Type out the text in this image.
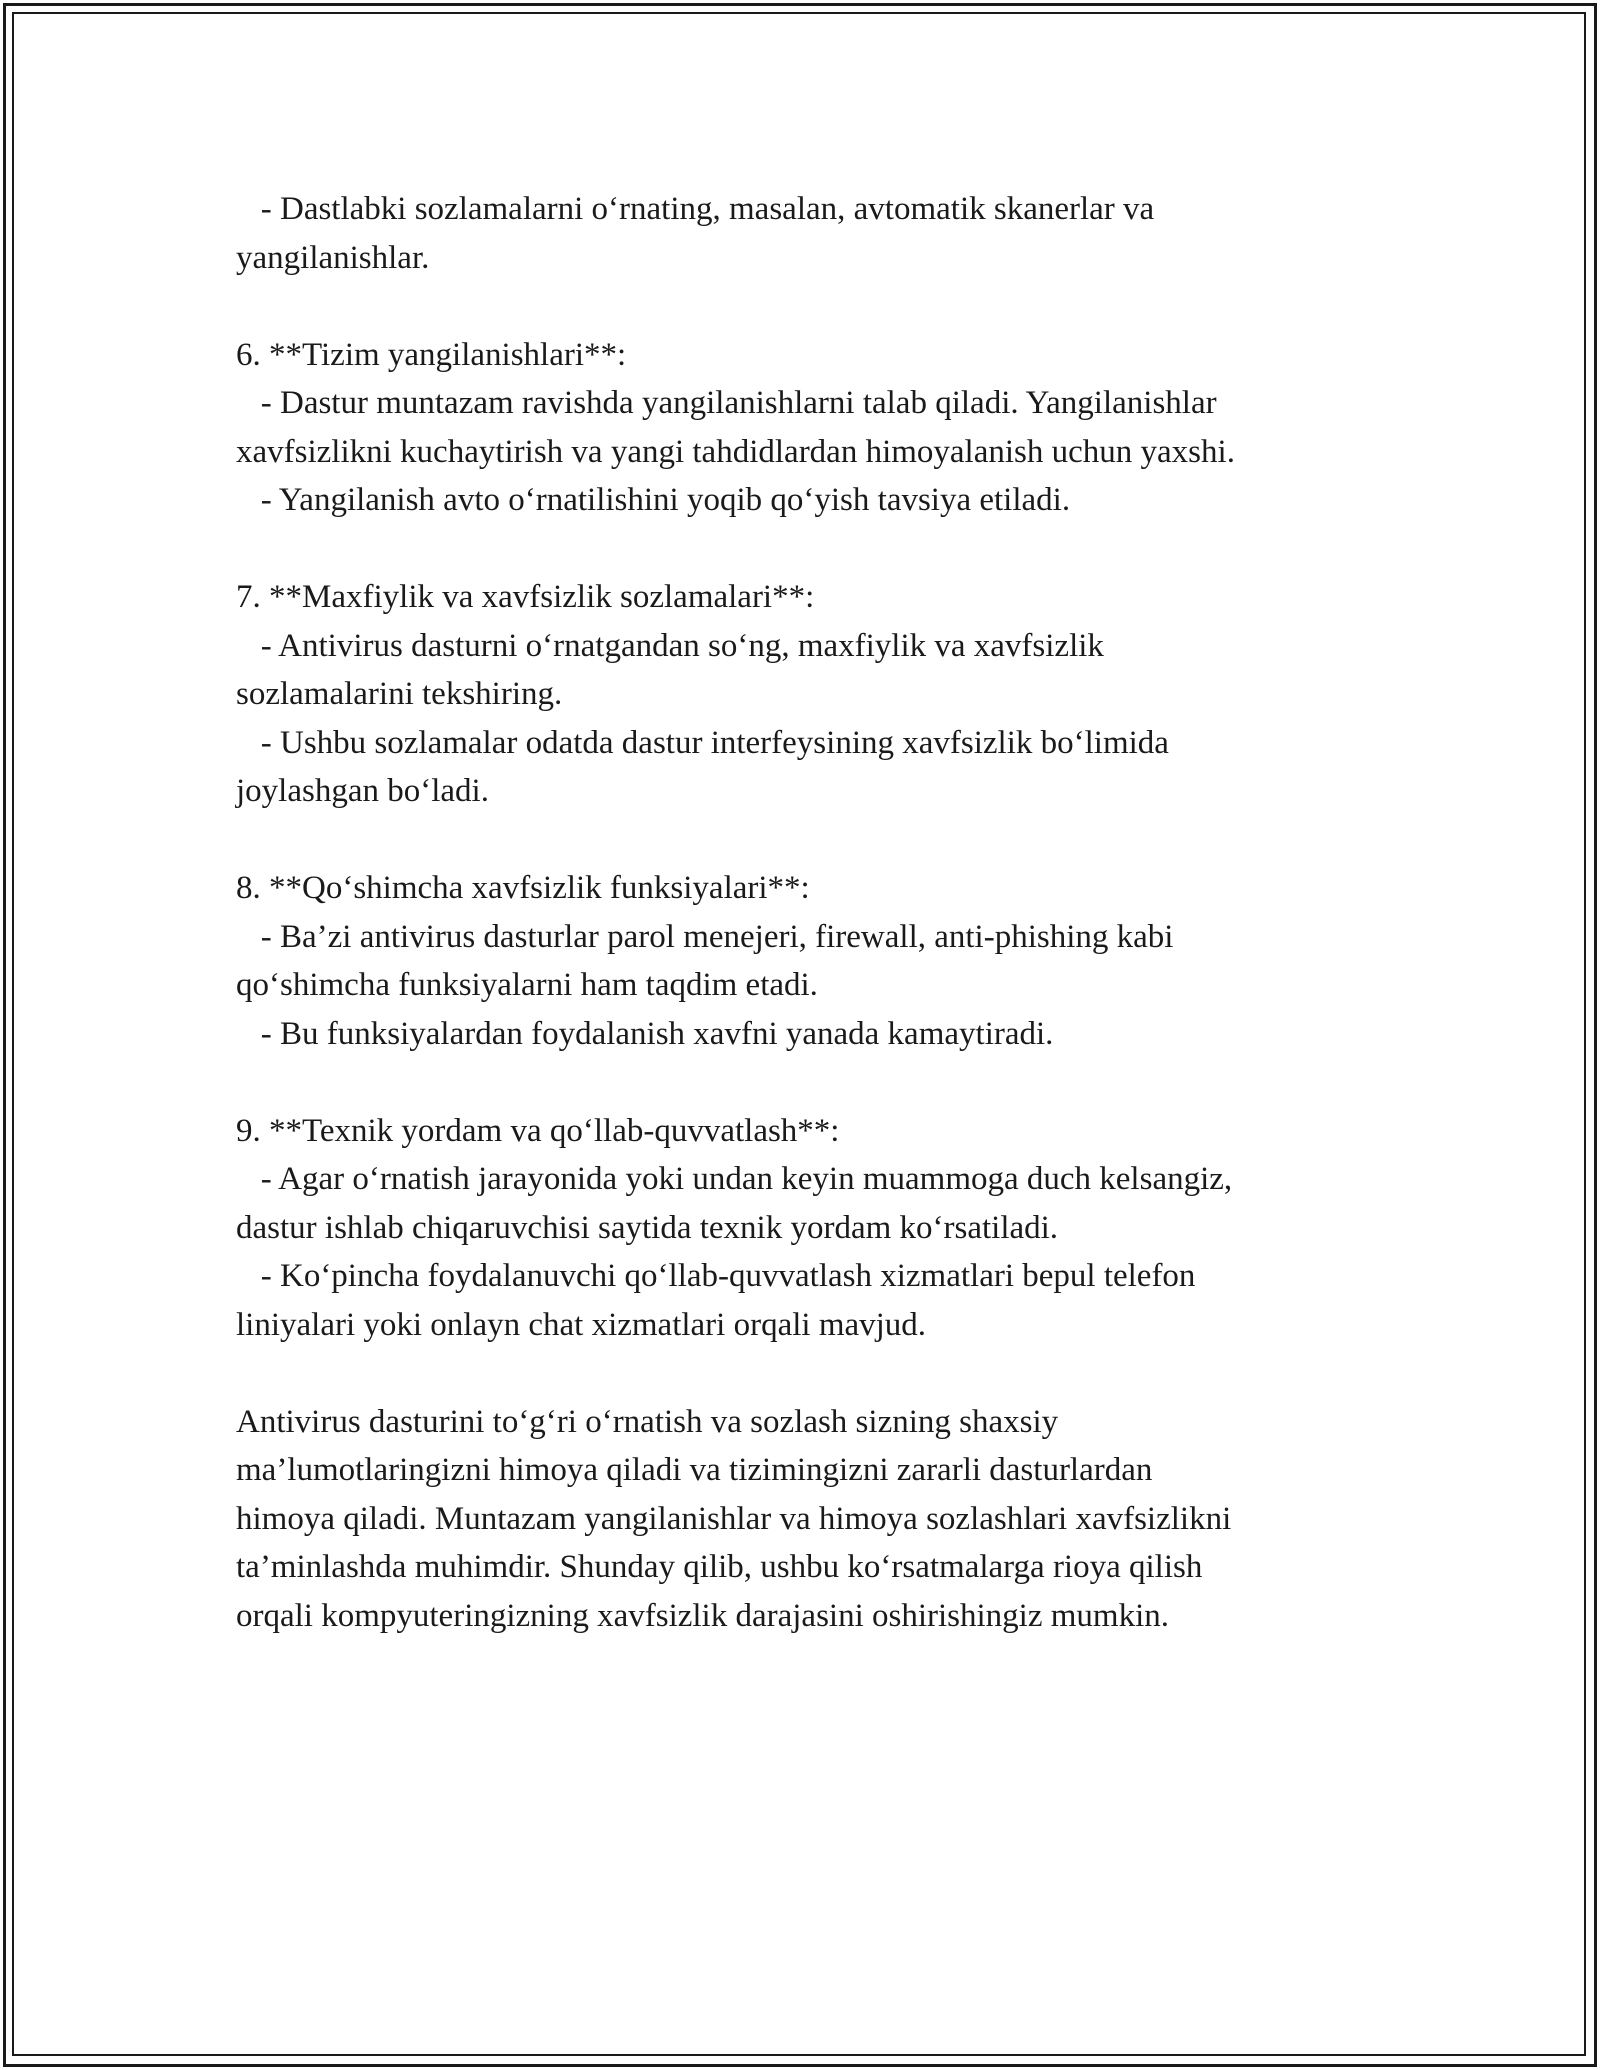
- Dastlabki sozlamalarni o‘rnating, masalan, avtomatik skanerlar va

yangilanishlar.

6. **Tizim yangilanishlari**:

- Dastur muntazam ravishda yangilanishlarni talab qiladi. Yangilanishlar

xavfsizlikni kuchaytirish va yangi tahdidlardan himoyalanish uchun yaxshi.

- Yangilanish avto o‘rnatilishini yoqib qo‘yish tavsiya etiladi.

7. **Maxfiylik va xavfsizlik sozlamalari**:

- Antivirus dasturni o‘rnatgandan so‘ng, maxfiylik va xavfsizlik

sozlamalarini tekshiring.

- Ushbu sozlamalar odatda dastur interfeysining xavfsizlik bo‘limida

joylashgan bo‘ladi.

8. **Qo‘shimcha xavfsizlik funksiyalari**:

- Ba’zi antivirus dasturlar parol menejeri, firewall, anti-phishing kabi

qo‘shimcha funksiyalarni ham taqdim etadi.

- Bu funksiyalardan foydalanish xavfni yanada kamaytiradi.

9. **Texnik yordam va qo‘llab-quvvatlash**:

- Agar o‘rnatish jarayonida yoki undan keyin muammoga duch kelsangiz,

dastur ishlab chiqaruvchisi saytida texnik yordam ko‘rsatiladi.

- Ko‘pincha foydalanuvchi qo‘llab-quvvatlash xizmatlari bepul telefon

liniyalari yoki onlayn chat xizmatlari orqali mavjud.

Antivirus dasturini to‘g‘ri o‘rnatish va sozlash sizning shaxsiy

ma’lumotlaringizni himoya qiladi va tizimingizni zararli dasturlardan

himoya qiladi. Muntazam yangilanishlar va himoya sozlashlari xavfsizlikni

ta’minlashda muhimdir. Shunday qilib, ushbu ko‘rsatmalarga rioya qilish

orqali kompyuteringizning xavfsizlik darajasini oshirishingiz mumkin.
